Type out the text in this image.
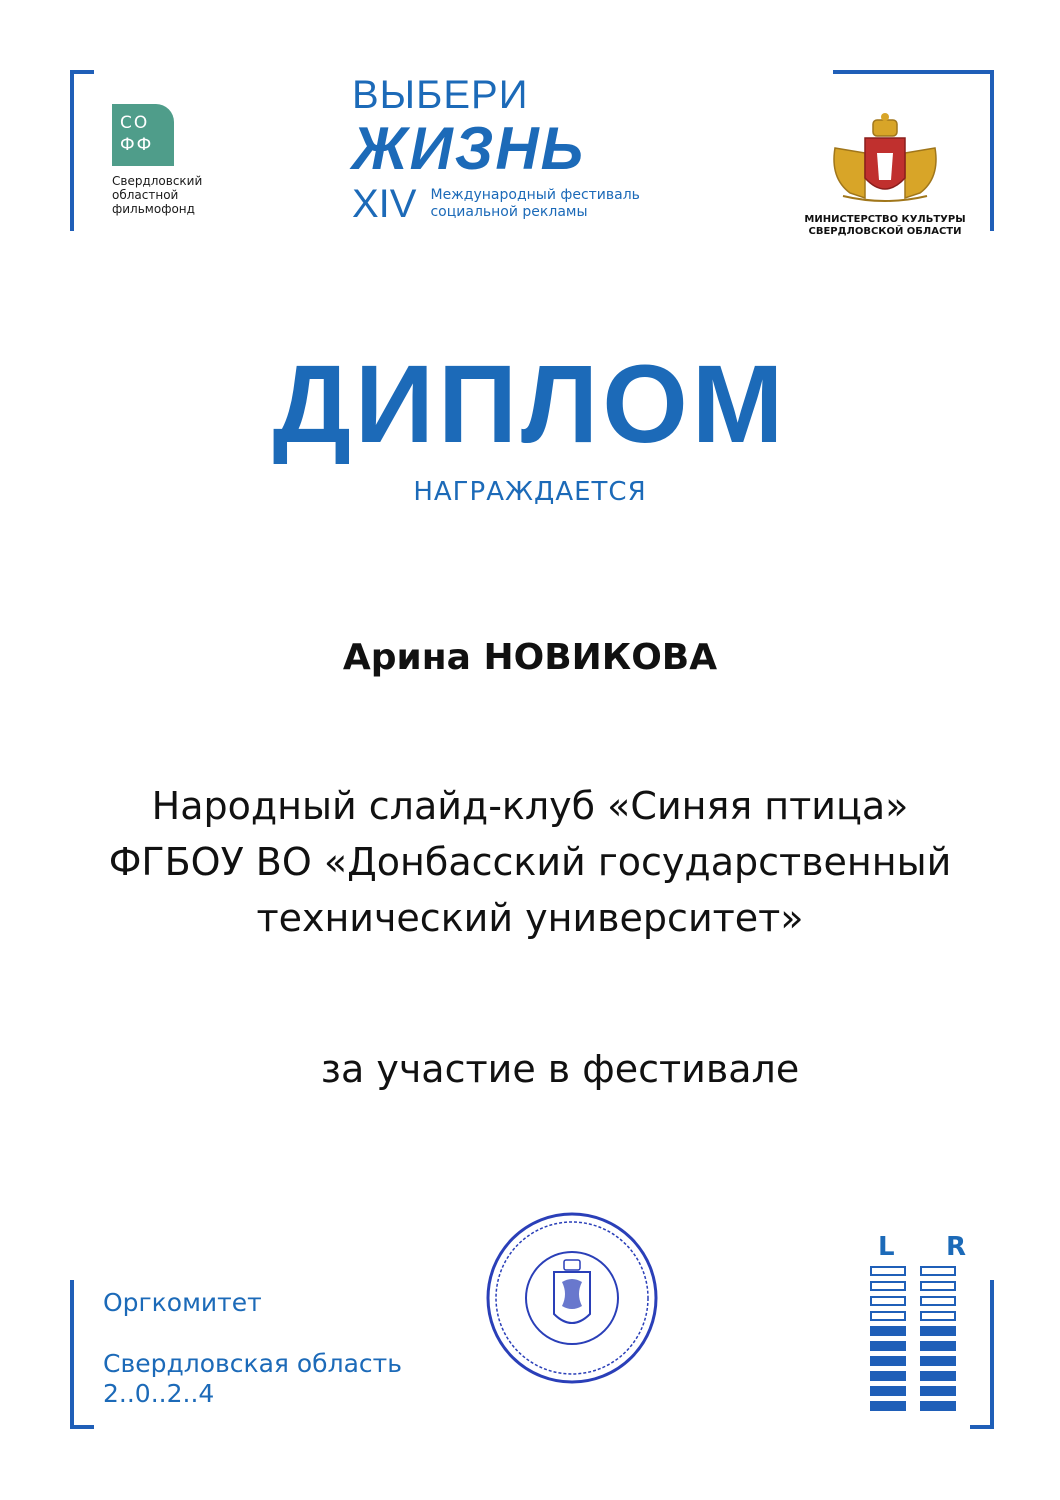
СО ФФ
Свердловский областной фильмофонд
ВЫБЕРИ
ЖИЗНЬ
XIV Международный фестиваль
социальной рекламы	МИНИСТЕРСТВО КУЛЬТУРЫ
СВЕРДЛОВСКОЙ ОБЛАСТИ
ДИПЛОМ
НАГРАЖДАЕТСЯ
Арина НОВИКОВА
Народный слайд-клуб «Синяя птица»
ФГБОУ ВО «Донбасский государственный
технический университет»
за участие в фестивале
Оргкомитет
Свердловская область
2..0..2..4
L R
